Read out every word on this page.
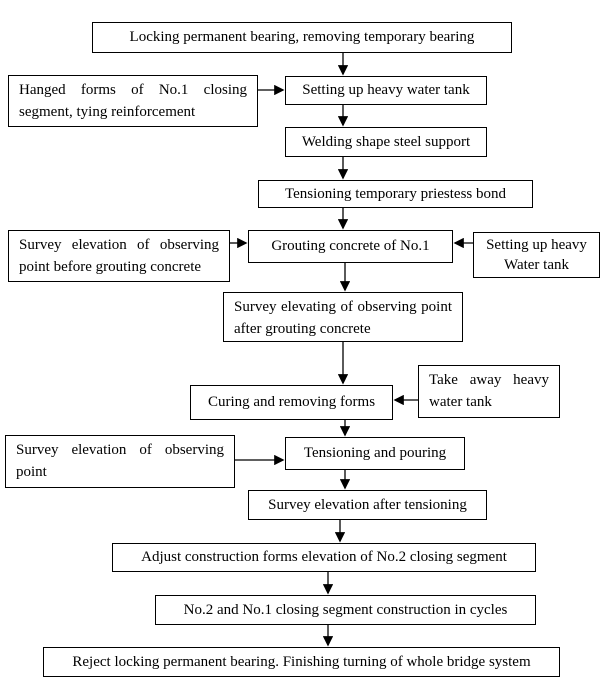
Locking permanent bearing, removing temporary bearing
Hanged forms of No.1 closing segment, tying reinforcement
Setting up heavy water tank
Welding shape steel support
Tensioning temporary priestess bond
Survey elevation of observing point before grouting concrete
Grouting concrete of No.1	Setting up heavy Water tank
Survey elevating of observing point after grouting concrete
Take away heavy water tank
Curing and removing forms
Survey elevation of observing point
Tensioning and pouring
Survey elevation after tensioning
Adjust construction forms elevation of No.2 closing segment
No.2 and No.1 closing segment construction in cycles
Reject locking permanent bearing. Finishing turning of whole bridge system
